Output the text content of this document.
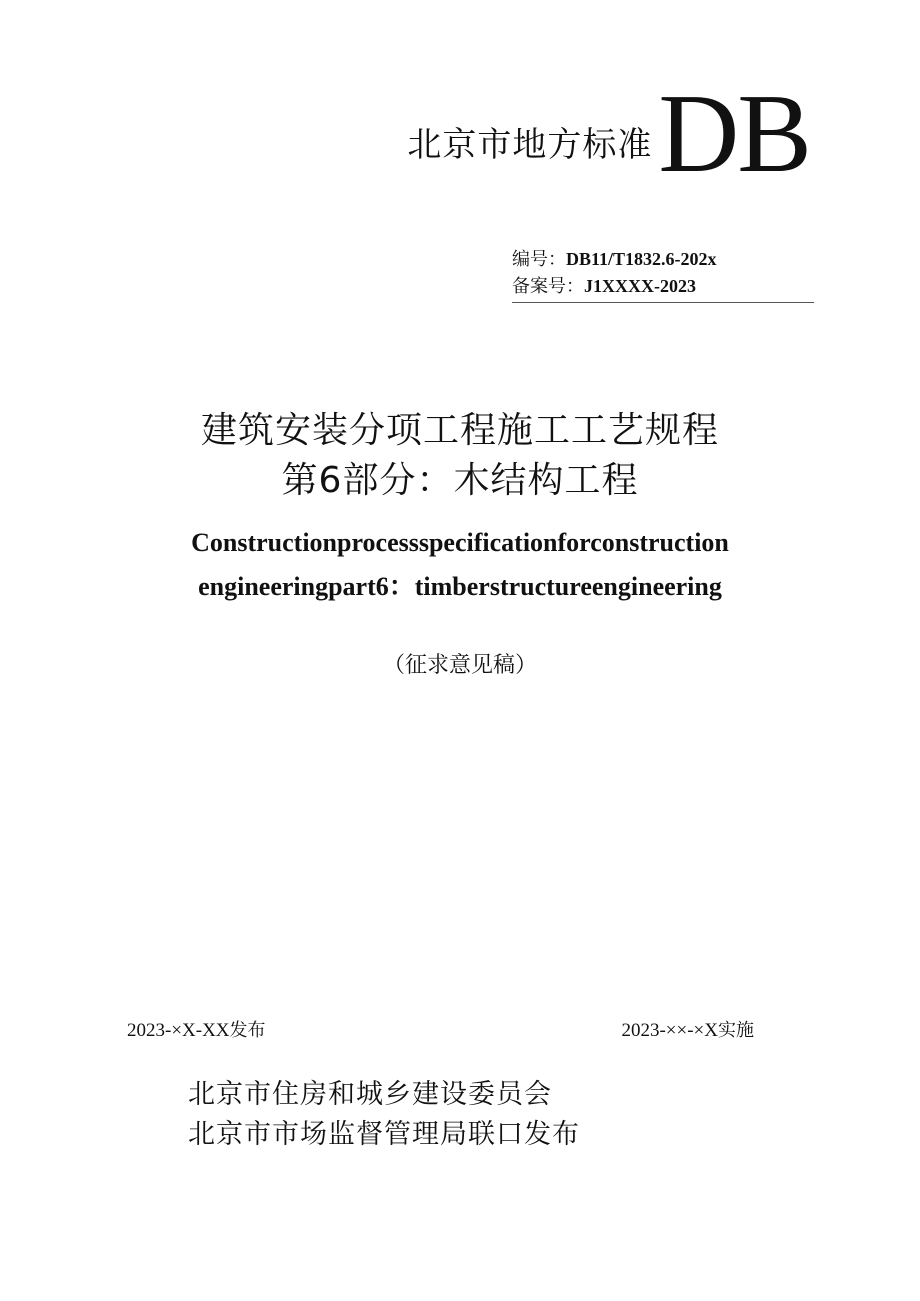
北京市地方标准 DB
编号：DB11/T1832.6-202x
备案号：J1XXXX-2023
建筑安装分项工程施工工艺规程
第6部分：木结构工程
Constructionprocessspecificationforconstruction
engineeringpart6：timberstructureengineering
（征求意见稿）
2023-×X-XX发布	2023-××-×X实施
北京市住房和城乡建设委员会
北京市市场监督管理局联口发布
